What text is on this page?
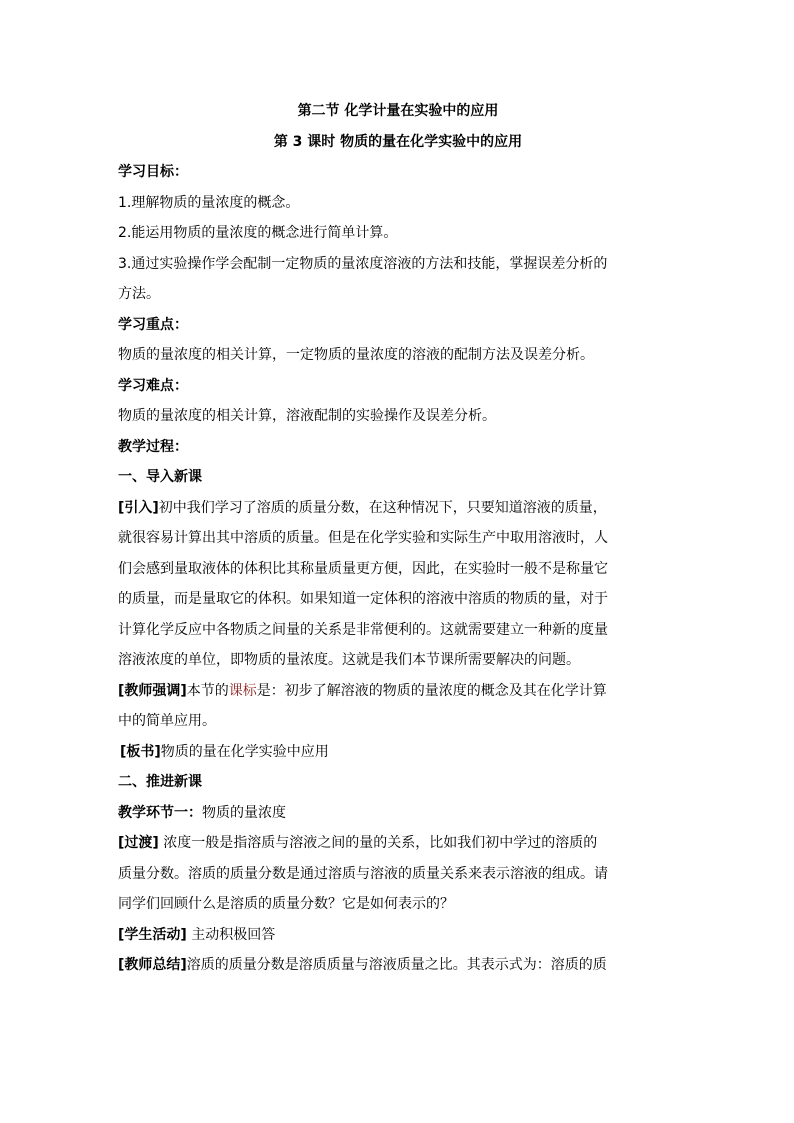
第二节 化学计量在实验中的应用
第 3 课时 物质的量在化学实验中的应用
学习目标：
1.理解物质的量浓度的概念。
2.能运用物质的量浓度的概念进行简单计算。
3.通过实验操作学会配制一定物质的量浓度溶液的方法和技能，掌握误差分析的
方法。
学习重点：
物质的量浓度的相关计算，一定物质的量浓度的溶液的配制方法及误差分析。
学习难点：
物质的量浓度的相关计算，溶液配制的实验操作及误差分析。
教学过程：
一、导入新课
[引入]初中我们学习了溶质的质量分数，在这种情况下，只要知道溶液的质量，
就很容易计算出其中溶质的质量。但是在化学实验和实际生产中取用溶液时，人
们会感到量取液体的体积比其称量质量更方便，因此，在实验时一般不是称量它
的质量，而是量取它的体积。如果知道一定体积的溶液中溶质的物质的量，对于
计算化学反应中各物质之间量的关系是非常便利的。这就需要建立一种新的度量
溶液浓度的单位，即物质的量浓度。这就是我们本节课所需要解决的问题。
[教师强调]本节的课标是：初步了解溶液的物质的量浓度的概念及其在化学计算
中的简单应用。
[板书]物质的量在化学实验中应用
二、推进新课
教学环节一：物质的量浓度
[过渡] 浓度一般是指溶质与溶液之间的量的关系，比如我们初中学过的溶质的
质量分数。溶质的质量分数是通过溶质与溶液的质量关系来表示溶液的组成。请
同学们回顾什么是溶质的质量分数？它是如何表示的？
[学生活动] 主动积极回答
[教师总结]溶质的质量分数是溶质质量与溶液质量之比。其表示式为：溶质的质
